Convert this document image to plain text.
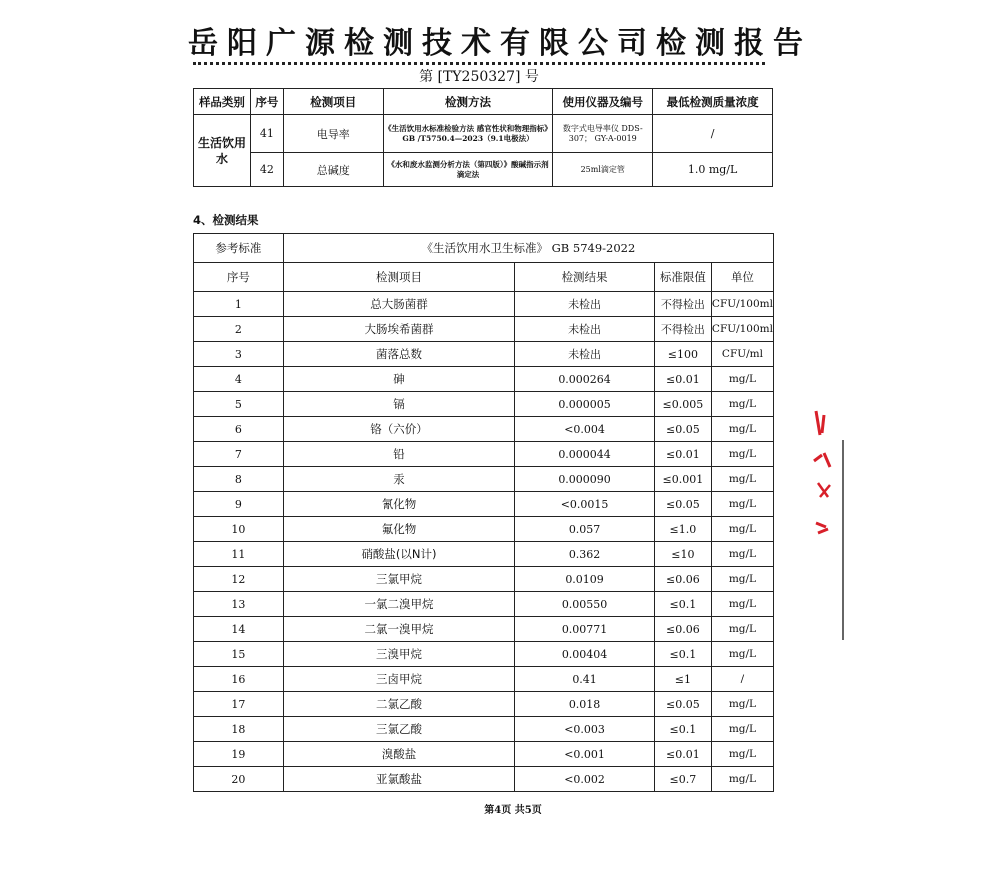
岳阳广源检测技术有限公司检测报告
第 [TY250327] 号
样品类别	序号	检测项目	检测方法	使用仪器及编号	最低检测质量浓度
生活饮用水	41	电导率	《生活饮用水标准检验方法 感官性状和物理指标》GB /T5750.4—2023（9.1电极法）	数字式电导率仪 DDS-307； GY-A-0019	/
	42	总碱度	《水和废水监测分析方法（第四版）》酸碱指示剂滴定法	25ml滴定管	1.0 mg/L
4、检测结果
参考标准	《生活饮用水卫生标准》 GB 5749-2022			
序号	检测项目	检测结果	标准限值	单位
1	总大肠菌群	未检出	不得检出	CFU/100ml
2	大肠埃希菌群	未检出	不得检出	CFU/100ml
3	菌落总数	未检出	≤100	CFU/ml
4	砷	0.000264	≤0.01	mg/L
5	镉	0.000005	≤0.005	mg/L
6	铬（六价）	<0.004	≤0.05	mg/L
7	铅	0.000044	≤0.01	mg/L
8	汞	0.000090	≤0.001	mg/L
9	氰化物	<0.0015	≤0.05	mg/L
10	氟化物	0.057	≤1.0	mg/L
11	硝酸盐(以N计)	0.362	≤10	mg/L
12	三氯甲烷	0.0109	≤0.06	mg/L
13	一氯二溴甲烷	0.00550	≤0.1	mg/L
14	二氯一溴甲烷	0.00771	≤0.06	mg/L
15	三溴甲烷	0.00404	≤0.1	mg/L
16	三卤甲烷	0.41	≤1	/
17	二氯乙酸	0.018	≤0.05	mg/L
18	三氯乙酸	<0.003	≤0.1	mg/L
19	溴酸盐	<0.001	≤0.01	mg/L
20	亚氯酸盐	<0.002	≤0.7	mg/L
第4页 共5页
